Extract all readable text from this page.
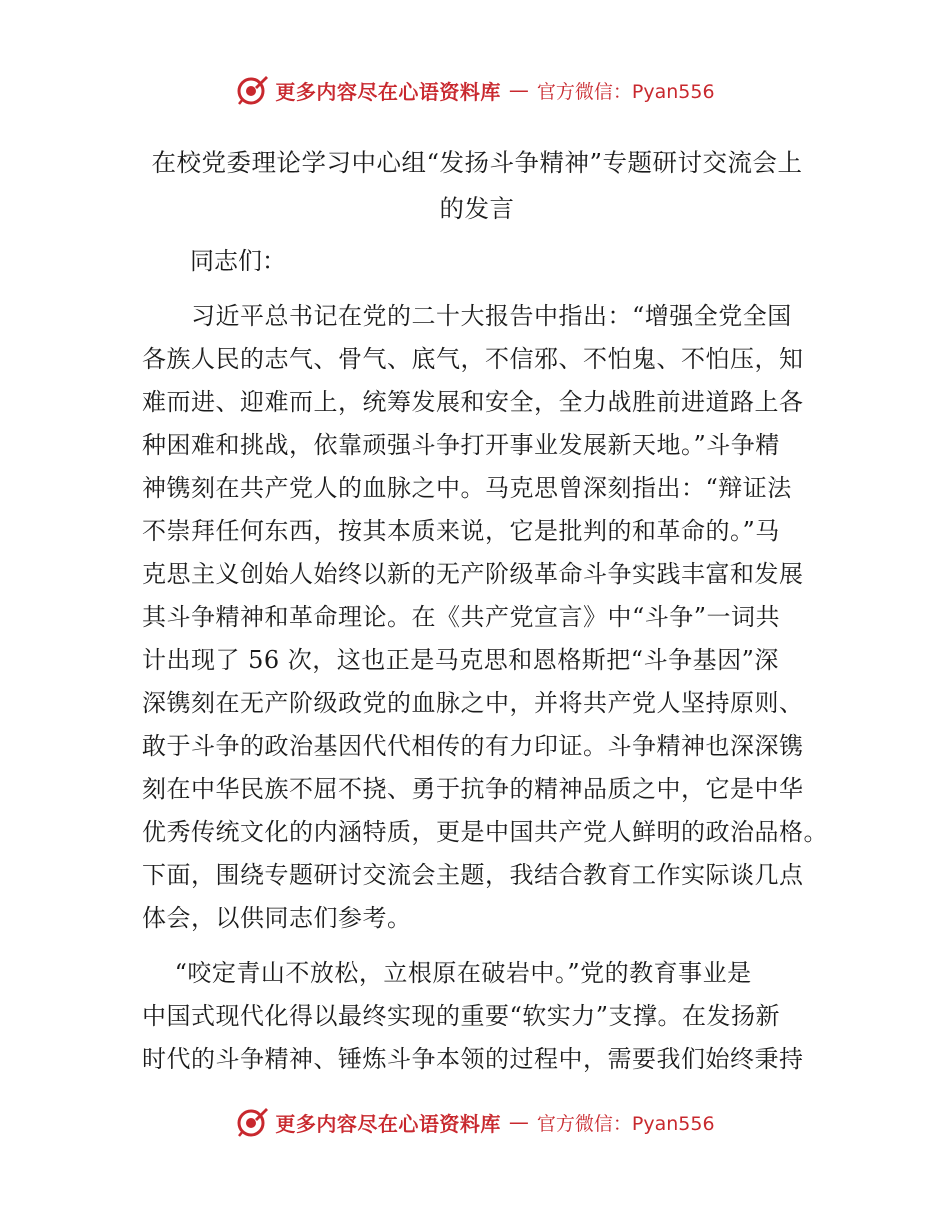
更多内容尽在心语资料库 — 官方微信：Pyan556
在校党委理论学习中心组“发扬斗争精神”专题研讨交流会上
的发言

同志们：

　　习近平总书记在党的二十大报告中指出：“增强全党全国
各族人民的志气、骨气、底气，不信邪、不怕鬼、不怕压，知
难而进、迎难而上，统筹发展和安全，全力战胜前进道路上各
种困难和挑战，依靠顽强斗争打开事业发展新天地。”斗争精
神镌刻在共产党人的血脉之中。马克思曾深刻指出：“辩证法
不崇拜任何东西，按其本质来说，它是批判的和革命的。”马
克思主义创始人始终以新的无产阶级革命斗争实践丰富和发展
其斗争精神和革命理论。在《共产党宣言》中“斗争”一词共
计出现了 56 次，这也正是马克思和恩格斯把“斗争基因”深
深镌刻在无产阶级政党的血脉之中，并将共产党人坚持原则、
敢于斗争的政治基因代代相传的有力印证。斗争精神也深深镌
刻在中华民族不屈不挠、勇于抗争的精神品质之中，它是中华
优秀传统文化的内涵特质，更是中国共产党人鲜明的政治品格。
下面，围绕专题研讨交流会主题，我结合教育工作实际谈几点
体会，以供同志们参考。

　 “咬定青山不放松，立根原在破岩中。”党的教育事业是
中国式现代化得以最终实现的重要“软实力”支撑。在发扬新
时代的斗争精神、锤炼斗争本领的过程中，需要我们始终秉持

更多内容尽在心语资料库 — 官方微信：Pyan556
